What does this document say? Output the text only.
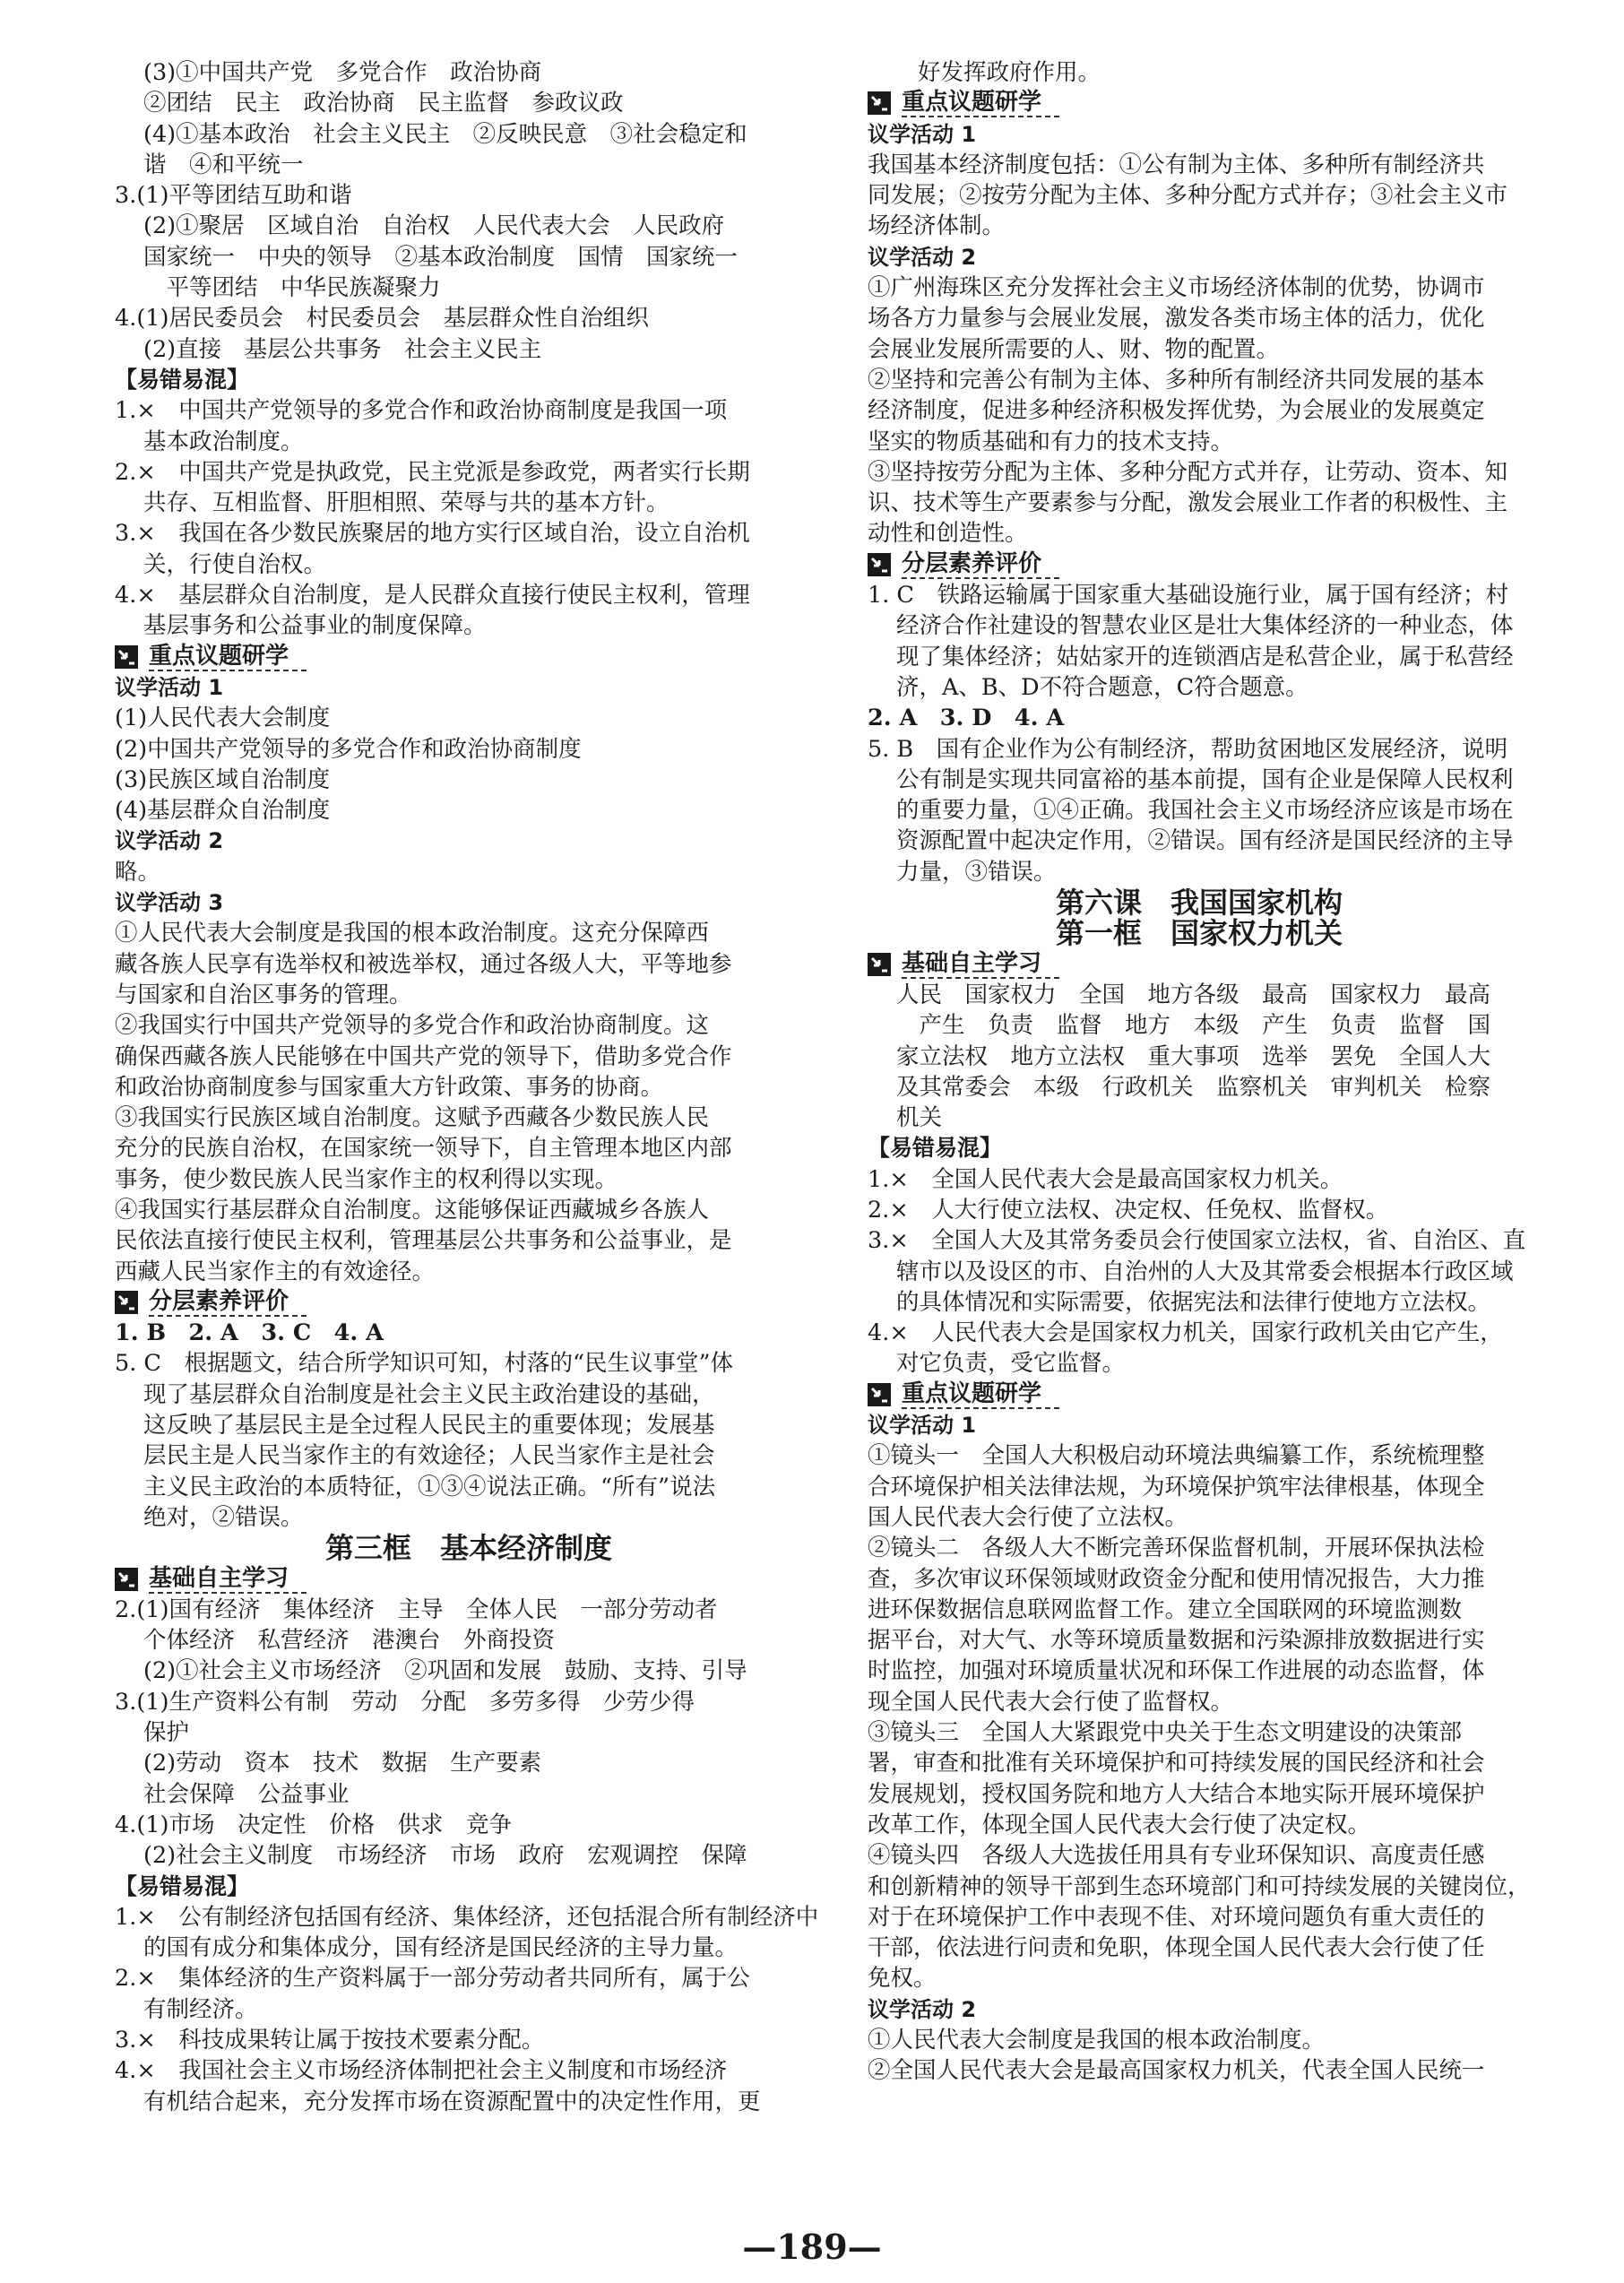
(3)①中国共产党　多党合作　政治协商
②团结　民主　政治协商　民主监督　参政议政
(4)①基本政治　社会主义民主　②反映民意　③社会稳定和
谐　④和平统一
3.(1)平等团结互助和谐
(2)①聚居　区域自治　自治权　人民代表大会　人民政府
国家统一　中央的领导　②基本政治制度　国情　国家统一
　平等团结　中华民族凝聚力
4.(1)居民委员会　村民委员会　基层群众性自治组织
(2)直接　基层公共事务　社会主义民主
【易错易混】
1.×　中国共产党领导的多党合作和政治协商制度是我国一项
基本政治制度。
2.×　中国共产党是执政党，民主党派是参政党，两者实行长期
共存、互相监督、肝胆相照、荣辱与共的基本方针。
3.×　我国在各少数民族聚居的地方实行区域自治，设立自治机
关，行使自治权。
4.×　基层群众自治制度，是人民群众直接行使民主权利，管理
基层事务和公益事业的制度保障。
重点议题研学
议学活动 1
(1)人民代表大会制度
(2)中国共产党领导的多党合作和政治协商制度
(3)民族区域自治制度
(4)基层群众自治制度
议学活动 2
略。
议学活动 3
①人民代表大会制度是我国的根本政治制度。这充分保障西
藏各族人民享有选举权和被选举权，通过各级人大，平等地参
与国家和自治区事务的管理。
②我国实行中国共产党领导的多党合作和政治协商制度。这
确保西藏各族人民能够在中国共产党的领导下，借助多党合作
和政治协商制度参与国家重大方针政策、事务的协商。
③我国实行民族区域自治制度。这赋予西藏各少数民族人民
充分的民族自治权，在国家统一领导下，自主管理本地区内部
事务，使少数民族人民当家作主的权利得以实现。
④我国实行基层群众自治制度。这能够保证西藏城乡各族人
民依法直接行使民主权利，管理基层公共事务和公益事业，是
西藏人民当家作主的有效途径。
分层素养评价
1. B　2. A　3. C　4. A
5. C　根据题文，结合所学知识可知，村落的“民生议事堂”体
现了基层群众自治制度是社会主义民主政治建设的基础，
这反映了基层民主是全过程人民民主的重要体现；发展基
层民主是人民当家作主的有效途径；人民当家作主是社会
主义民主政治的本质特征，①③④说法正确。“所有”说法
绝对，②错误。
第三框　基本经济制度
基础自主学习
2.(1)国有经济　集体经济　主导　全体人民　一部分劳动者
个体经济　私营经济　港澳台　外商投资
(2)①社会主义市场经济　②巩固和发展　鼓励、支持、引导
3.(1)生产资料公有制　劳动　分配　多劳多得　少劳少得
保护
(2)劳动　资本　技术　数据　生产要素
社会保障　公益事业
4.(1)市场　决定性　价格　供求　竞争
(2)社会主义制度　市场经济　市场　政府　宏观调控　保障
【易错易混】
1.×　公有制经济包括国有经济、集体经济，还包括混合所有制经济中
的国有成分和集体成分，国有经济是国民经济的主导力量。
2.×　集体经济的生产资料属于一部分劳动者共同所有，属于公
有制经济。
3.×　科技成果转让属于按技术要素分配。
4.×　我国社会主义市场经济体制把社会主义制度和市场经济
有机结合起来，充分发挥市场在资源配置中的决定性作用，更
好发挥政府作用。
重点议题研学
议学活动 1
我国基本经济制度包括：①公有制为主体、多种所有制经济共
同发展；②按劳分配为主体、多种分配方式并存；③社会主义市
场经济体制。
议学活动 2
①广州海珠区充分发挥社会主义市场经济体制的优势，协调市
场各方力量参与会展业发展，激发各类市场主体的活力，优化
会展业发展所需要的人、财、物的配置。
②坚持和完善公有制为主体、多种所有制经济共同发展的基本
经济制度，促进多种经济积极发挥优势，为会展业的发展奠定
坚实的物质基础和有力的技术支持。
③坚持按劳分配为主体、多种分配方式并存，让劳动、资本、知
识、技术等生产要素参与分配，激发会展业工作者的积极性、主
动性和创造性。
分层素养评价
1. C　铁路运输属于国家重大基础设施行业，属于国有经济；村
经济合作社建设的智慧农业区是壮大集体经济的一种业态，体
现了集体经济；姑姑家开的连锁酒店是私营企业，属于私营经
济，A、B、D不符合题意，C符合题意。
2. A　3. D　4. A
5. B　国有企业作为公有制经济，帮助贫困地区发展经济，说明
公有制是实现共同富裕的基本前提，国有企业是保障人民权利
的重要力量，①④正确。我国社会主义市场经济应该是市场在
资源配置中起决定作用，②错误。国有经济是国民经济的主导
力量，③错误。
第六课　我国国家机构
第一框　国家权力机关
基础自主学习
人民　国家权力　全国　地方各级　最高　国家权力　最高
　产生　负责　监督　地方　本级　产生　负责　监督　国
家立法权　地方立法权　重大事项　选举　罢免　全国人大
及其常委会　本级　行政机关　监察机关　审判机关　检察
机关
【易错易混】
1.×　全国人民代表大会是最高国家权力机关。
2.×　人大行使立法权、决定权、任免权、监督权。
3.×　全国人大及其常务委员会行使国家立法权，省、自治区、直
辖市以及设区的市、自治州的人大及其常委会根据本行政区域
的具体情况和实际需要，依据宪法和法律行使地方立法权。
4.×　人民代表大会是国家权力机关，国家行政机关由它产生，
对它负责，受它监督。
重点议题研学
议学活动 1
①镜头一　全国人大积极启动环境法典编纂工作，系统梳理整
合环境保护相关法律法规，为环境保护筑牢法律根基，体现全
国人民代表大会行使了立法权。
②镜头二　各级人大不断完善环保监督机制，开展环保执法检
查，多次审议环保领域财政资金分配和使用情况报告，大力推
进环保数据信息联网监督工作。建立全国联网的环境监测数
据平台，对大气、水等环境质量数据和污染源排放数据进行实
时监控，加强对环境质量状况和环保工作进展的动态监督，体
现全国人民代表大会行使了监督权。
③镜头三　全国人大紧跟党中央关于生态文明建设的决策部
署，审查和批准有关环境保护和可持续发展的国民经济和社会
发展规划，授权国务院和地方人大结合本地实际开展环境保护
改革工作，体现全国人民代表大会行使了决定权。
④镜头四　各级人大选拔任用具有专业环保知识、高度责任感
和创新精神的领导干部到生态环境部门和可持续发展的关键岗位，
对于在环境保护工作中表现不佳、对环境问题负有重大责任的
干部，依法进行问责和免职，体现全国人民代表大会行使了任
免权。
议学活动 2
①人民代表大会制度是我国的根本政治制度。
②全国人民代表大会是最高国家权力机关，代表全国人民统一
—189—
